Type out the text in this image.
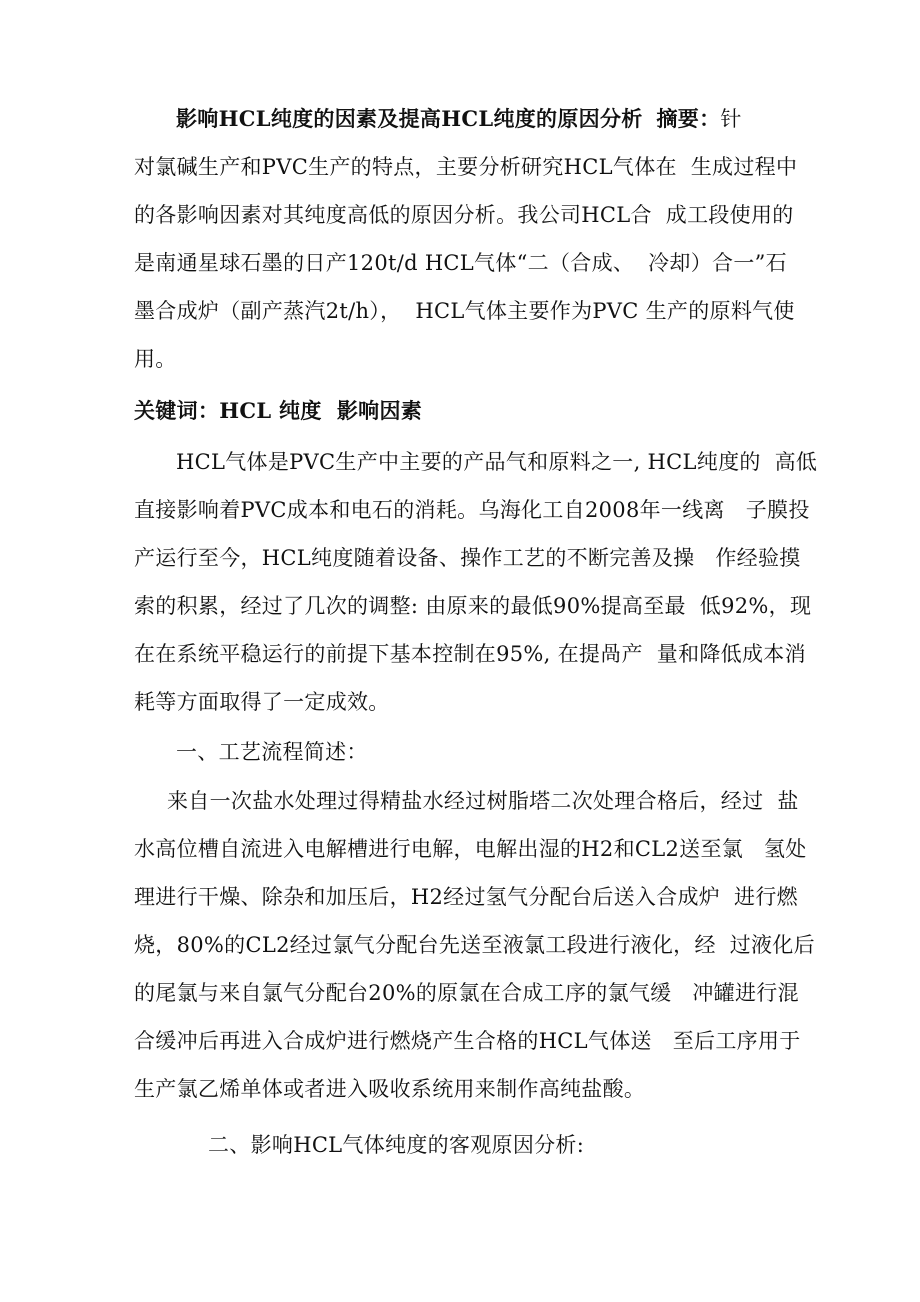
影响HCL纯度的因素及提高HCL纯度的原因分析 摘要：针
对氯碱生产和PVC生产的特点，主要分析研究HCL气体在  生成过程中
的各影响因素对其纯度高低的原因分析。我公司HCL合  成工段使用的
是南通星球石墨的日产120t/d HCL气体“二（合成、  冷却）合一”石
墨合成炉（副产蒸汽2t/h），  HCL气体主要作为PVC 生产的原料气使
用。
关键词：HCL 纯度  影响因素
HCL气体是PVC生产中主要的产品气和原料之一, HCL纯度的  高低
直接影响着PVC成本和电石的消耗。乌海化工自2008年一线离   子膜投
产运行至今，HCL纯度随着设备、操作工艺的不断完善及操   作经验摸
索的积累，经过了几次的调整: 由原来的最低90%提高至最  低92%，现
在在系统平稳运行的前提下基本控制在95%, 在提咼产  量和降低成本消
耗等方面取得了一定成效。
一、工艺流程简述：
来自一次盐水处理过得精盐水经过树脂塔二次处理合格后，经过  盐
水高位槽自流进入电解槽进行电解，电解出湿的H2和CL2送至氯   氢处
理进行干燥、除杂和加压后，H2经过氢气分配台后送入合成炉  进行燃
烧，80%的CL2经过氯气分配台先送至液氯工段进行液化，经  过液化后
的尾氯与来自氯气分配台20%的原氯在合成工序的氯气缓   冲罐进行混
合缓冲后再进入合成炉进行燃烧产生合格的HCL气体送   至后工序用于
生产氯乙烯单体或者进入吸收系统用来制作高纯盐酸。
二、影响HCL气体纯度的客观原因分析:
